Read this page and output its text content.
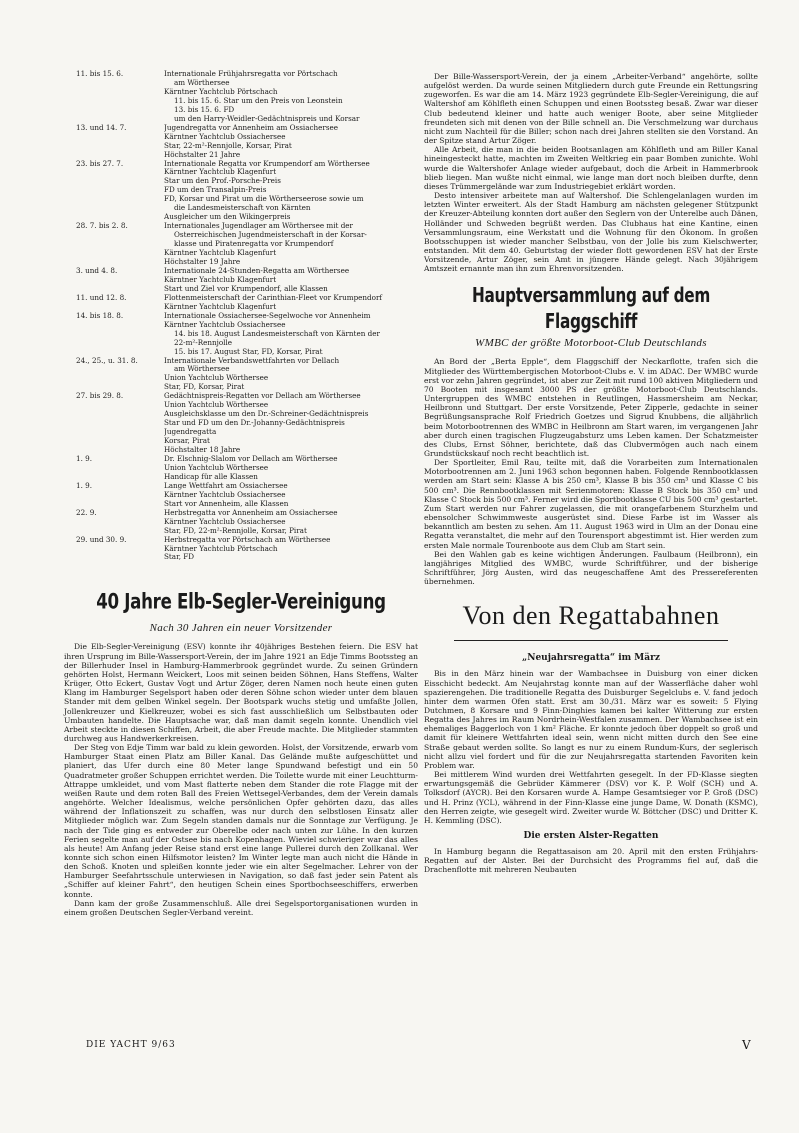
11. bis 15. 6.	Internationale Frühjahrsregatta vor Pörtschach
am Wörthersee
Kärntner Yachtclub Pörtschach
11. bis 15. 6. Star um den Preis von Leonstein
13. bis 15. 6. FD
um den Harry-Weidler-Gedächtnispreis und Korsar
13. und 14. 7.	Jugendregatta vor Annenheim am Ossiachersee
Kärntner Yachtclub Ossiachersee
Star, 22-m²-Rennjolle, Korsar, Pirat
Höchstalter 21 Jahre
23. bis 27. 7.	Internationale Regatta vor Krumpendorf am Wörthersee
Kärntner Yachtclub Klagenfurt
Star um den Prof.-Porsche-Preis
FD um den Transalpin-Preis
FD, Korsar und Pirat um die Wörtherseerose sowie um
die Landesmeisterschaft von Kärnten
Ausgleicher um den Wikingerpreis
28. 7. bis 2. 8.	Internationales Jugendlager am Wörthersee mit der
Österreichischen Jugendmeisterschaft in der Korsar-
klasse und Piratenregatta vor Krumpendorf
Kärntner Yachtclub Klagenfurt
Höchstalter 19 Jahre
3. und 4. 8.	Internationale 24-Stunden-Regatta am Wörthersee
Kärntner Yachtclub Klagenfurt
Start und Ziel vor Krumpendorf, alle Klassen
11. und 12. 8.	Flottenmeisterschaft der Carinthian-Fleet vor Krumpendorf
Kärntner Yachtclub Klagenfurt
14. bis 18. 8.	Internationale Ossiachersee-Segelwoche vor Annenheim
Kärntner Yachtclub Ossiachersee
14. bis 18. August Landesmeisterschaft von Kärnten der
22-m²-Rennjolle
15. bis 17. August Star, FD, Korsar, Pirat
24., 25., u. 31. 8.	Internationale Verbandswettfahrten vor Dellach
am Wörthersee
Union Yachtclub Wörthersee
Star, FD, Korsar, Pirat
27. bis 29. 8.	Gedächtnispreis-Regatten vor Dellach am Wörthersee
Union Yachtclub Wörthersee
Ausgleichsklasse um den Dr.-Schreiner-Gedächtnispreis
Star und FD um den Dr.-Johanny-Gedächtnispreis
Jugendregatta
Korsar, Pirat
Höchstalter 18 Jahre
1. 9.	Dr. Elschnig-Slalom vor Dellach am Wörthersee
Union Yachtclub Wörthersee
Handicap für alle Klassen
1. 9.	Lange Wettfahrt am Ossiachersee
Kärntner Yachtclub Ossiachersee
Start vor Annenheim, alle Klassen
22. 9.	Herbstregatta vor Annenheim am Ossiachersee
Kärntner Yachtclub Ossiachersee
Star, FD, 22-m²-Rennjolle, Korsar, Pirat
29. und 30. 9.	Herbstregatta vor Pörtschach am Wörthersee
Kärntner Yachtclub Pörtschach
Star, FD
40 Jahre Elb-Segler-Vereinigung
Nach 30 Jahren ein neuer Vorsitzender

Die Elb-Segler-Vereinigung (ESV) konnte ihr 40jähriges Bestehen feiern. Die ESV hat ihren Ursprung im Bille-Wassersport-Verein, der im Jahre 1921 an Edje Timms Bootssteg an der Billerhuder Insel in Hamburg-Hammerbrook gegründet wurde. Zu seinen Gründern gehörten Holst, Hermann Weickert, Loos mit seinen beiden Söhnen, Hans Steffens, Walter Krüger, Otto Eckert, Gustav Vogt und Artur Zöger, deren Namen noch heute einen guten Klang im Hamburger Segelsport haben oder deren Söhne schon wieder unter dem blauen Stander mit dem gelben Winkel segeln. Der Bootspark wuchs stetig und umfaßte Jollen, Jollenkreuzer und Kielkreuzer, wobei es sich fast ausschließlich um Selbstbauten oder Umbauten handelte. Die Hauptsache war, daß man damit segeln konnte. Unendlich viel Arbeit steckte in diesen Schiffen, Arbeit, die aber Freude machte. Die Mitglieder stammten durchweg aus Handwerkerkreisen.

Der Steg von Edje Timm war bald zu klein geworden. Holst, der Vorsitzende, erwarb vom Hamburger Staat einen Platz am Biller Kanal. Das Gelände mußte aufgeschüttet und planiert, das Ufer durch eine 80 Meter lange Spundwand befestigt und ein 50 Quadratmeter großer Schuppen errichtet werden. Die Toilette wurde mit einer Leuchtturm-Attrappe umkleidet, und vom Mast flatterte neben dem Stander die rote Flagge mit der weißen Raute und dem roten Ball des Freien Wettsegel-Verbandes, dem der Verein damals angehörte. Welcher Idealismus, welche persönlichen Opfer gehörten dazu, das alles während der Inflationszeit zu schaffen, was nur durch den selbstlosen Einsatz aller Mitglieder möglich war. Zum Segeln standen damals nur die Sonntage zur Verfügung. Je nach der Tide ging es entweder zur Oberelbe oder nach unten zur Lühe. In den kurzen Ferien segelte man auf der Ostsee bis nach Kopenhagen. Wieviel schwieriger war das alles als heute! Am Anfang jeder Reise stand erst eine lange Pullerei durch den Zollkanal. Wer konnte sich schon einen Hilfsmotor leisten? Im Winter legte man auch nicht die Hände in den Schoß. Knoten und spleißen konnte jeder wie ein alter Segelmacher. Lehrer von der Hamburger Seefahrtsschule unterwiesen in Navigation, so daß fast jeder sein Patent als „Schiffer auf kleiner Fahrt“, den heutigen Schein eines Sportbochseeschiffers, erwerben konnte.

Dann kam der große Zusammenschluß. Alle drei Segelsportorganisationen wurden in einem großen Deutschen Segler-Verband vereint.

Der Bille-Wassersport-Verein, der ja einem „Arbeiter-Verband“ angehörte, sollte aufgelöst werden. Da wurde seinen Mitgliedern durch gute Freunde ein Rettungsring zugeworfen. Es war die am 14. März 1923 gegründete Elb-Segler-Vereinigung, die auf Waltershof am Köhlfleth einen Schuppen und einen Bootssteg besaß. Zwar war dieser Club bedeutend kleiner und hatte auch weniger Boote, aber seine Mitglieder freundeten sich mit denen von der Bille schnell an. Die Verschmelzung war durchaus nicht zum Nachteil für die Biller; schon nach drei Jahren stellten sie den Vorstand. An der Spitze stand Artur Zöger.

Alle Arbeit, die man in die beiden Bootsanlagen am Köhlfleth und am Biller Kanal hineingesteckt hatte, machten im Zweiten Weltkrieg ein paar Bomben zunichte. Wohl wurde die Waltershofer Anlage wieder aufgebaut, doch die Arbeit in Hammerbrook blieb liegen. Man wußte nicht einmal, wie lange man dort noch bleiben durfte, denn dieses Trümmergelände war zum Industriegebiet erklärt worden.

Desto intensiver arbeitete man auf Waltershof. Die Schlengelanlagen wurden im letzten Winter erweitert. Als der Stadt Hamburg am nächsten gelegener Stützpunkt der Kreuzer-Abteilung konnten dort außer den Seglern von der Unterelbe auch Dänen, Holländer und Schweden begrüßt werden. Das Clubhaus hat eine Kantine, einen Versammlungsraum, eine Werkstatt und die Wohnung für den Ökonom. In großen Bootsschuppen ist wieder mancher Selbstbau, von der Jolle bis zum Kielschwerter, entstanden. Mit dem 40. Geburtstag der wieder flott gewordenen ESV hat der Erste Vorsitzende, Artur Zöger, sein Amt in jüngere Hände gelegt. Nach 30jährigem Amtszeit ernannte man ihn zum Ehrenvorsitzenden.

Hauptversammlung auf dem Flaggschiff
WMBC der größte Motorboot-Club Deutschlands

An Bord der „Berta Epple“, dem Flaggschiff der Neckarflotte, trafen sich die Mitglieder des Württembergischen Motorboot-Clubs e. V. im ADAC. Der WMBC wurde erst vor zehn Jahren gegründet, ist aber zur Zeit mit rund 100 aktiven Mitgliedern und 70 Booten mit insgesamt 3000 PS der größte Motorboot-Club Deutschlands. Untergruppen des WMBC entstehen in Reutlingen, Hassmersheim am Neckar, Heilbronn und Stuttgart. Der erste Vorsitzende, Peter Zipperle, gedachte in seiner Begrüßungsansprache Rolf Friedrich Goetzes und Sigrud Knubbens, die alljährlich beim Motorbootrennen des WMBC in Heilbronn am Start waren, im vergangenen Jahr aber durch einen tragischen Flugzeugabsturz ums Leben kamen. Der Schatzmeister des Clubs, Ernst Söhner, berichtete, daß das Clubvermögen auch nach einem Grundstückskauf noch recht beachtlich ist.

Der Sportleiter, Emil Rau, teilte mit, daß die Vorarbeiten zum Internationalen Motorbootrennen am 2. Juni 1963 schon begonnen haben. Folgende Rennbootklassen werden am Start sein: Klasse A bis 250 cm³, Klasse B bis 350 cm³ und Klasse C bis 500 cm³. Die Rennbootklassen mit Serienmotoren: Klasse B Stock bis 350 cm³ und Klasse C Stock bis 500 cm³. Ferner wird die Sportbootklasse CU bis 500 cm³ gestartet. Zum Start werden nur Fahrer zugelassen, die mit orangefarbenem Sturzhelm und ebensolcher Schwimmweste ausgerüstet sind. Diese Farbe ist im Wasser als bekanntlich am besten zu sehen. Am 11. August 1963 wird in Ulm an der Donau eine Regatta veranstaltet, die mehr auf den Tourensport abgestimmt ist. Hier werden zum ersten Male normale Tourenboote aus dem Club am Start sein.

Bei den Wahlen gab es keine wichtigen Änderungen. Faulbaum (Heilbronn), ein langjähriges Mitglied des WMBC, wurde Schriftführer, und der bisherige Schriftführer, Jörg Austen, wird das neugeschaffene Amt des Pressereferenten übernehmen.

Von den Regattabahnen
„Neujahrsregatta“ im März

Bis in den März hinein war der Wambachsee in Duisburg von einer dicken Eisschicht bedeckt. Am Neujahrstag konnte man auf der Wasserfläche daher wohl spazierengehen. Die traditionelle Regatta des Duisburger Segelclubs e. V. fand jedoch hinter dem warmen Ofen statt. Erst am 30./31. März war es soweit: 5 Flying Dutchmen, 8 Korsare und 9 Finn-Dinghies kamen bei kalter Witterung zur ersten Regatta des Jahres im Raum Nordrhein-Westfalen zusammen. Der Wambachsee ist ein ehemaliges Baggerloch von 1 km² Fläche. Er konnte jedoch über doppelt so groß und damit für kleinere Wettfahrten ideal sein, wenn nicht mitten durch den See eine Straße gebaut werden sollte. So langt es nur zu einem Rundum-Kurs, der seglerisch nicht allzu viel fordert und für die zur Neujahrsregatta startenden Favoriten kein Problem war.

Bei mittlerem Wind wurden drei Wettfahrten gesegelt. In der FD-Klasse siegten erwartungsgemäß die Gebrüder Kämmerer (DSV) vor K. P. Wolf (SCH) und A. Tolksdorf (AYCR). Bei den Korsaren wurde A. Hampe Gesamtsieger vor P. Groß (DSC) und H. Prinz (YCL), während in der Finn-Klasse eine junge Dame, W. Donath (KSMC), den Herren zeigte, wie gesegelt wird. Zweiter wurde W. Böttcher (DSC) und Dritter K. H. Kemmling (DSC).

Die ersten Alster-Regatten

In Hamburg begann die Regattasaison am 20. April mit den ersten Frühjahrs-Regatten auf der Alster. Bei der Durchsicht des Programms fiel auf, daß die Drachenflotte mit mehreren Neubauten

DIE YACHT 9/63	V
